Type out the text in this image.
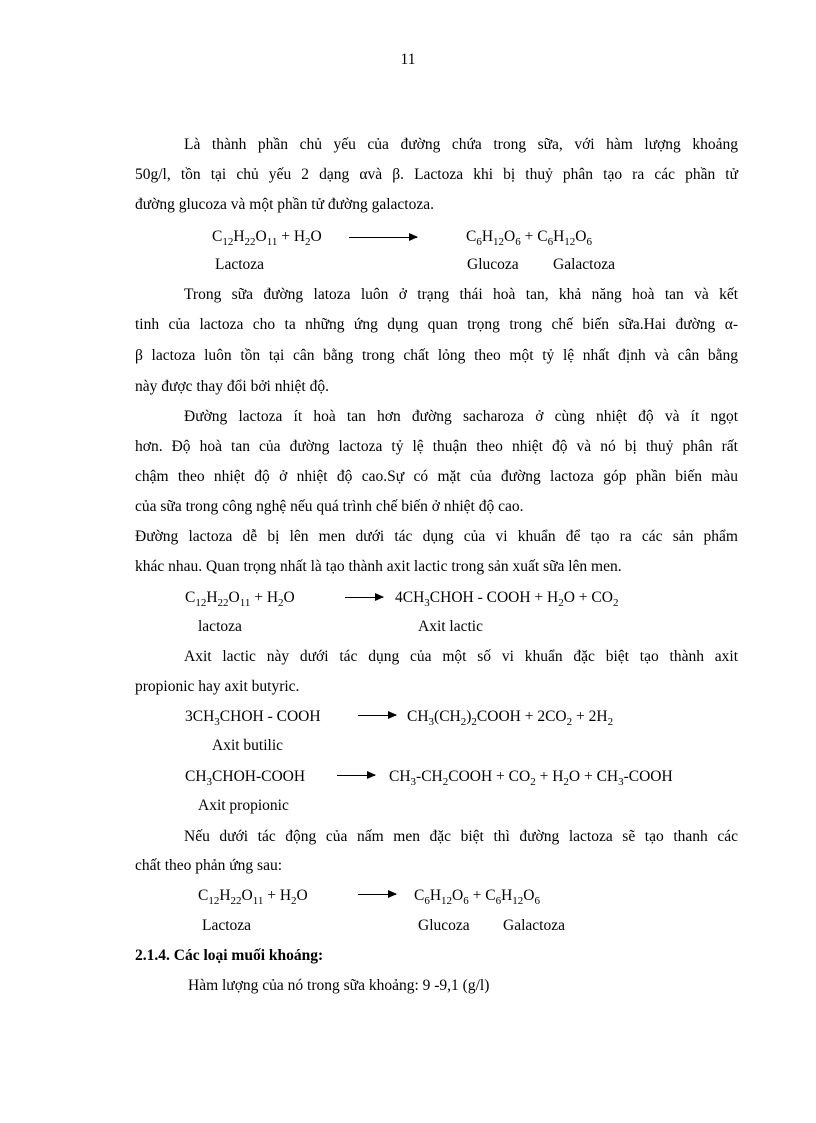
11
Là thành phần chủ yếu của đường chứa trong sữa, với hàm lượng khoảng
50g/l, tồn tại chủ yếu 2 dạng αvà β. Lactoza khi bị thuỷ phân tạo ra các phần tử
đường glucoza và một phần tử đường galactoza.
$C_{12}H_{22}O_{11} + H_2O$	$C_6H_{12}O_6 + C_6H_{12}O_6$
Lactoza	Glucoza Galactoza
Trong sữa đường latoza luôn ở trạng thái hoà tan, khả năng hoà tan và kết
tinh của lactoza cho ta những ứng dụng quan trọng trong chế biến sữa.Hai đường α-
β lactoza luôn tồn tại cân bằng trong chất lỏng theo một tỷ lệ nhất định và cân bằng
này được thay đổi bởi nhiệt độ.
Đường lactoza ít hoà tan hơn đường sacharoza ở cùng nhiệt độ và ít ngọt
hơn. Độ hoà tan của đường lactoza tỷ lệ thuận theo nhiệt độ và nó bị thuỷ phân rất
chậm theo nhiệt độ ở nhiệt độ cao.Sự có mặt của đường lactoza góp phần biến màu
của sữa trong công nghệ nếu quá trình chế biến ở nhiệt độ cao.
Đường lactoza dễ bị lên men dưới tác dụng của vi khuẩn để tạo ra các sản phẩm
khác nhau. Quan trọng nhất là tạo thành axit lactic trong sản xuất sữa lên men.
$C_{12}H_{22}O_{11} + H_2O$	→ $4CH_3CHOH$ - COOH + $H_2O + CO_2$
lactoza	Axit lactic
Axit lactic này dưới tác dụng của một số vi khuẩn đặc biệt tạo thành axit
propionic hay axit butyric.
$3CH_3CHOH$ - COOH → $CH_3(CH_2)_2COOH + 2CO_2 + 2H_2$
Axit butilic
$CH_3CHOH$-COOH → $CH_3-CH_2COOH + CO_2 + H_2O$ + $CH_3$-COOH
Axit propionic
Nếu dưới tác động của nấm men đặc biệt thì đường lactoza sẽ tạo thanh các
chất theo phản ứng sau:
$C_{12}H_{22}O_{11} + H_2O$	→ $C_6H_{12}O_6 + C_6H_{12}O_6$
Lactoza	Glucoza Galactoza
2.1.4. Các loại muối khoáng:
Hàm lượng của nó trong sữa khoảng: 9 -9,1 (g/l)
